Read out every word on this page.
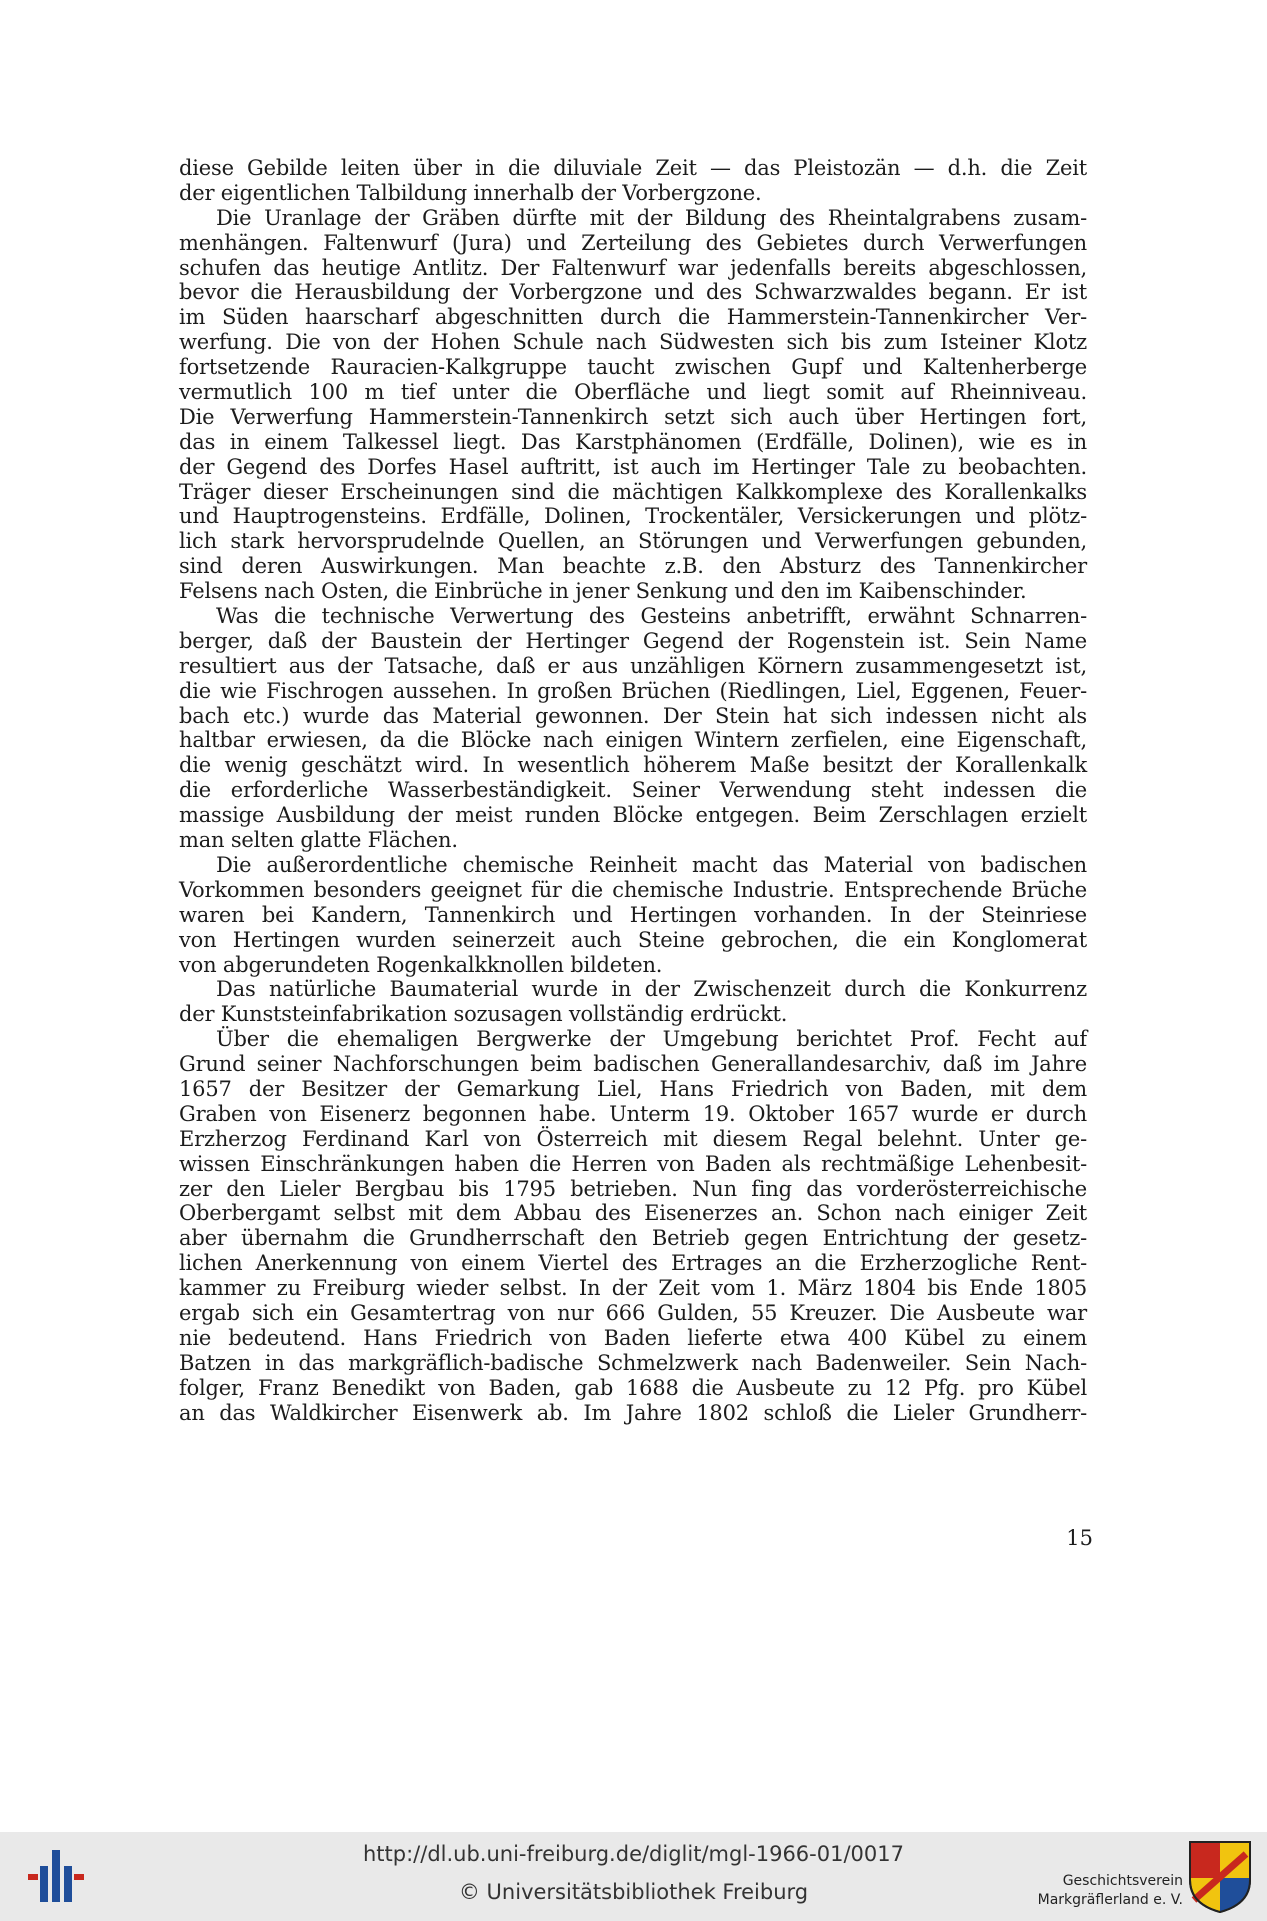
diese Gebilde leiten über in die diluviale Zeit — das Pleistozän — d.h. die Zeit
der eigentlichen Talbildung innerhalb der Vorbergzone.
Die Uranlage der Gräben dürfte mit der Bildung des Rheintalgrabens zusam-
menhängen. Faltenwurf (Jura) und Zerteilung des Gebietes durch Verwerfungen
schufen das heutige Antlitz. Der Faltenwurf war jedenfalls bereits abgeschlossen,
bevor die Herausbildung der Vorbergzone und des Schwarzwaldes begann. Er ist
im Süden haarscharf abgeschnitten durch die Hammerstein-Tannenkircher Ver-
werfung. Die von der Hohen Schule nach Südwesten sich bis zum Isteiner Klotz
fortsetzende Rauracien-Kalkgruppe taucht zwischen Gupf und Kaltenherberge
vermutlich 100 m tief unter die Oberfläche und liegt somit auf Rheinniveau.
Die Verwerfung Hammerstein-Tannenkirch setzt sich auch über Hertingen fort,
das in einem Talkessel liegt. Das Karstphänomen (Erdfälle, Dolinen), wie es in
der Gegend des Dorfes Hasel auftritt, ist auch im Hertinger Tale zu beobachten.
Träger dieser Erscheinungen sind die mächtigen Kalkkomplexe des Korallenkalks
und Hauptrogensteins. Erdfälle, Dolinen, Trockentäler, Versickerungen und plötz-
lich stark hervorsprudelnde Quellen, an Störungen und Verwerfungen gebunden,
sind deren Auswirkungen. Man beachte z.B. den Absturz des Tannenkircher
Felsens nach Osten, die Einbrüche in jener Senkung und den im Kaibenschinder.
Was die technische Verwertung des Gesteins anbetrifft, erwähnt Schnarren-
berger, daß der Baustein der Hertinger Gegend der Rogenstein ist. Sein Name
resultiert aus der Tatsache, daß er aus unzähligen Körnern zusammengesetzt ist,
die wie Fischrogen aussehen. In großen Brüchen (Riedlingen, Liel, Eggenen, Feuer-
bach etc.) wurde das Material gewonnen. Der Stein hat sich indessen nicht als
haltbar erwiesen, da die Blöcke nach einigen Wintern zerfielen, eine Eigenschaft,
die wenig geschätzt wird. In wesentlich höherem Maße besitzt der Korallenkalk
die erforderliche Wasserbeständigkeit. Seiner Verwendung steht indessen die
massige Ausbildung der meist runden Blöcke entgegen. Beim Zerschlagen erzielt
man selten glatte Flächen.
Die außerordentliche chemische Reinheit macht das Material von badischen
Vorkommen besonders geeignet für die chemische Industrie. Entsprechende Brüche
waren bei Kandern, Tannenkirch und Hertingen vorhanden. In der Steinriese
von Hertingen wurden seinerzeit auch Steine gebrochen, die ein Konglomerat
von abgerundeten Rogenkalkknollen bildeten.
Das natürliche Baumaterial wurde in der Zwischenzeit durch die Konkurrenz
der Kunststeinfabrikation sozusagen vollständig erdrückt.
Über die ehemaligen Bergwerke der Umgebung berichtet Prof. Fecht auf
Grund seiner Nachforschungen beim badischen Generallandesarchiv, daß im Jahre
1657 der Besitzer der Gemarkung Liel, Hans Friedrich von Baden, mit dem
Graben von Eisenerz begonnen habe. Unterm 19. Oktober 1657 wurde er durch
Erzherzog Ferdinand Karl von Österreich mit diesem Regal belehnt. Unter ge-
wissen Einschränkungen haben die Herren von Baden als rechtmäßige Lehenbesit-
zer den Lieler Bergbau bis 1795 betrieben. Nun fing das vorderösterreichische
Oberbergamt selbst mit dem Abbau des Eisenerzes an. Schon nach einiger Zeit
aber übernahm die Grundherrschaft den Betrieb gegen Entrichtung der gesetz-
lichen Anerkennung von einem Viertel des Ertrages an die Erzherzogliche Rent-
kammer zu Freiburg wieder selbst. In der Zeit vom 1. März 1804 bis Ende 1805
ergab sich ein Gesamtertrag von nur 666 Gulden, 55 Kreuzer. Die Ausbeute war
nie bedeutend. Hans Friedrich von Baden lieferte etwa 400 Kübel zu einem
Batzen in das markgräflich-badische Schmelzwerk nach Badenweiler. Sein Nach-
folger, Franz Benedikt von Baden, gab 1688 die Ausbeute zu 12 Pfg. pro Kübel
an das Waldkircher Eisenwerk ab. Im Jahre 1802 schloß die Lieler Grundherr-
15
http://dl.ub.uni-freiburg.de/diglit/mgl-1966-01/0017
© Universitätsbibliothek Freiburg	Geschichtsverein
Markgräflerland e. V.
